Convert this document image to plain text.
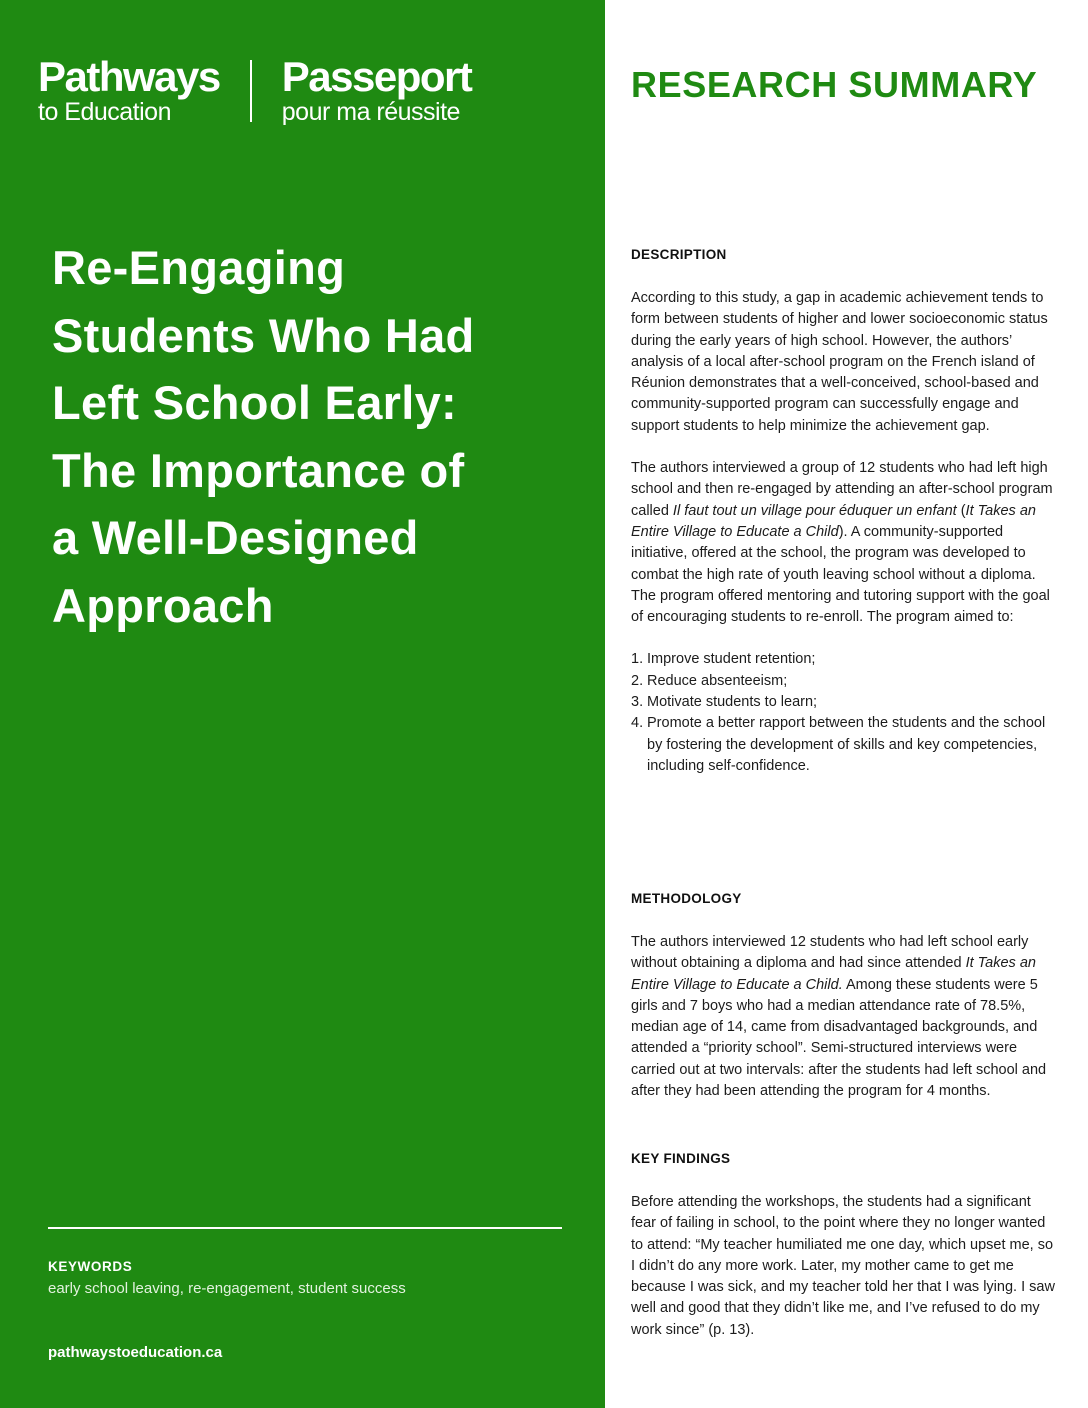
Pathways
to Education
Passeport
pour ma réussite
Re-Engaging
Students Who Had
Left School Early:
The Importance of
a Well-Designed
Approach
KEYWORDS
early school leaving, re-engagement, student success
pathwaystoeducation.ca
RESEARCH SUMMARY
DESCRIPTION

According to this study, a gap in academic achievement tends to form between students of higher and lower socioeconomic status during the early years of high school. However, the authors’ analysis of a local after-school program on the French island of Réunion demonstrates that a well-conceived, school-based and community-supported program can successfully engage and support students to help minimize the achievement gap.

The authors interviewed a group of 12 students who had left high school and then re-engaged by attending an after-school program called Il faut tout un village pour éduquer un enfant (It Takes an Entire Village to Educate a Child). A community-supported initiative, offered at the school, the program was developed to combat the high rate of youth leaving school without a diploma. The program offered mentoring and tutoring support with the goal of encouraging students to re-enroll. The program aimed to:

1. Improve student retention;
2. Reduce absenteeism;
3. Motivate students to learn;
4. Promote a better rapport between the students and the school by fostering the development of skills and key competencies, including self-confidence.
METHODOLOGY

The authors interviewed 12 students who had left school early without obtaining a diploma and had since attended It Takes an Entire Village to Educate a Child. Among these students were 5 girls and 7 boys who had a median attendance rate of 78.5%, median age of 14, came from disadvantaged backgrounds, and attended a “priority school”. Semi-structured interviews were carried out at two intervals: after the students had left school and after they had been attending the program for 4 months.

KEY FINDINGS

Before attending the workshops, the students had a significant fear of failing in school, to the point where they no longer wanted to attend: “My teacher humiliated me one day, which upset me, so I didn’t do any more work. Later, my mother came to get me because I was sick, and my teacher told her that I was lying. I saw well and good that they didn’t like me, and I’ve refused to do my work since” (p. 13).
